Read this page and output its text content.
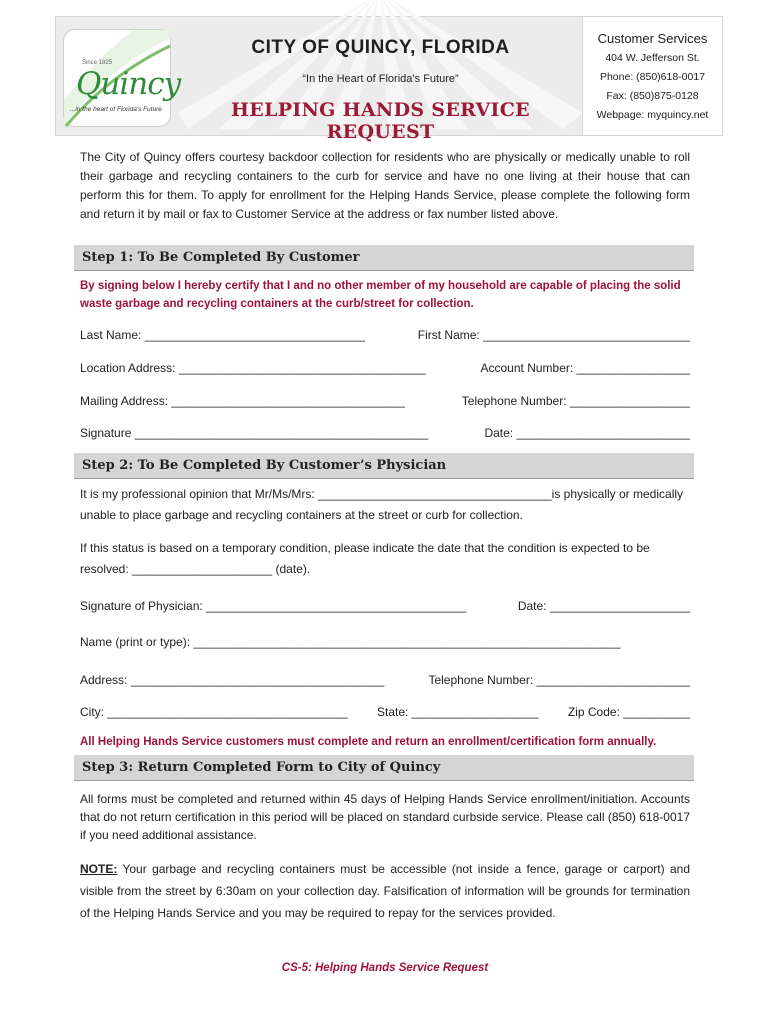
Since 1825
Quincy
...in the heart of Florida's Future
CITY OF QUINCY, FLORIDA
“In the Heart of Florida’s Future”
HELPING HANDS SERVICE REQUEST
Customer Services
404 W. Jefferson St.
Phone: (850)618-0017
Fax: (850)875-0128
Webpage: myquincy.net
The City of Quincy offers courtesy backdoor collection for residents who are physically or medically unable to roll their garbage and recycling containers to the curb for service and have no one living at their house that can perform this for them. To apply for enrollment for the Helping Hands Service, please complete the following form and return it by mail or fax to Customer Service at the address or fax number listed above.
Step 1: To Be Completed By Customer
By signing below I hereby certify that I and no other member of my household are capable of placing the solid waste garbage and recycling containers at the curb/street for collection.
Last Name: _________________________________	First Name: _______________________________
Location Address: _____________________________________	Account Number: _________________
Mailing Address: ___________________________________	Telephone Number: __________________
Signature ____________________________________________	Date: __________________________
Step 2: To Be Completed By Customer’s Physician
It is my professional opinion that Mr/Ms/Mrs: ___________________________________is physically or medically unable to place garbage and recycling containers at the street or curb for collection.
If this status is based on a temporary condition, please indicate the date that the condition is expected to be resolved: _____________________ (date).
Signature of Physician: _______________________________________	Date: _____________________
Name (print or type): ________________________________________________________________
Address: ______________________________________	Telephone Number: _______________________
City: ____________________________________ State: ___________________ Zip Code: __________
All Helping Hands Service customers must complete and return an enrollment/certification form annually.
Step 3: Return Completed Form to City of Quincy
All forms must be completed and returned within 45 days of Helping Hands Service enrollment/initiation. Accounts that do not return certification in this period will be placed on standard curbside service. Please call (850) 618-0017 if you need additional assistance.
NOTE: Your garbage and recycling containers must be accessible (not inside a fence, garage or carport) and visible from the street by 6:30am on your collection day. Falsification of information will be grounds for termination of the Helping Hands Service and you may be required to repay for the services provided.
CS-5: Helping Hands Service Request
